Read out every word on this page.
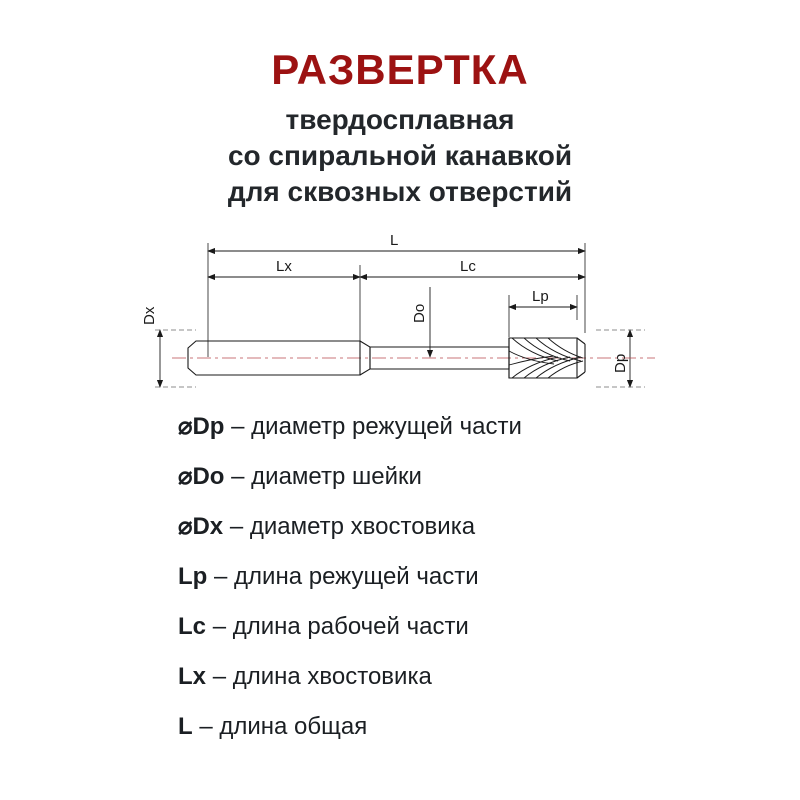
РАЗВЕРТКА
твердосплавная
со спиральной канавкой
для сквозных отверстий
L
Lx	Lc
Lp
Dx	Do
Dp
⌀Dp – диаметр режущей части
⌀Do – диаметр шейки
⌀Dx – диаметр хвостовика
Lp – длина режущей части
Lc – длина рабочей части
Lx – длина хвостовика
L – длина общая
